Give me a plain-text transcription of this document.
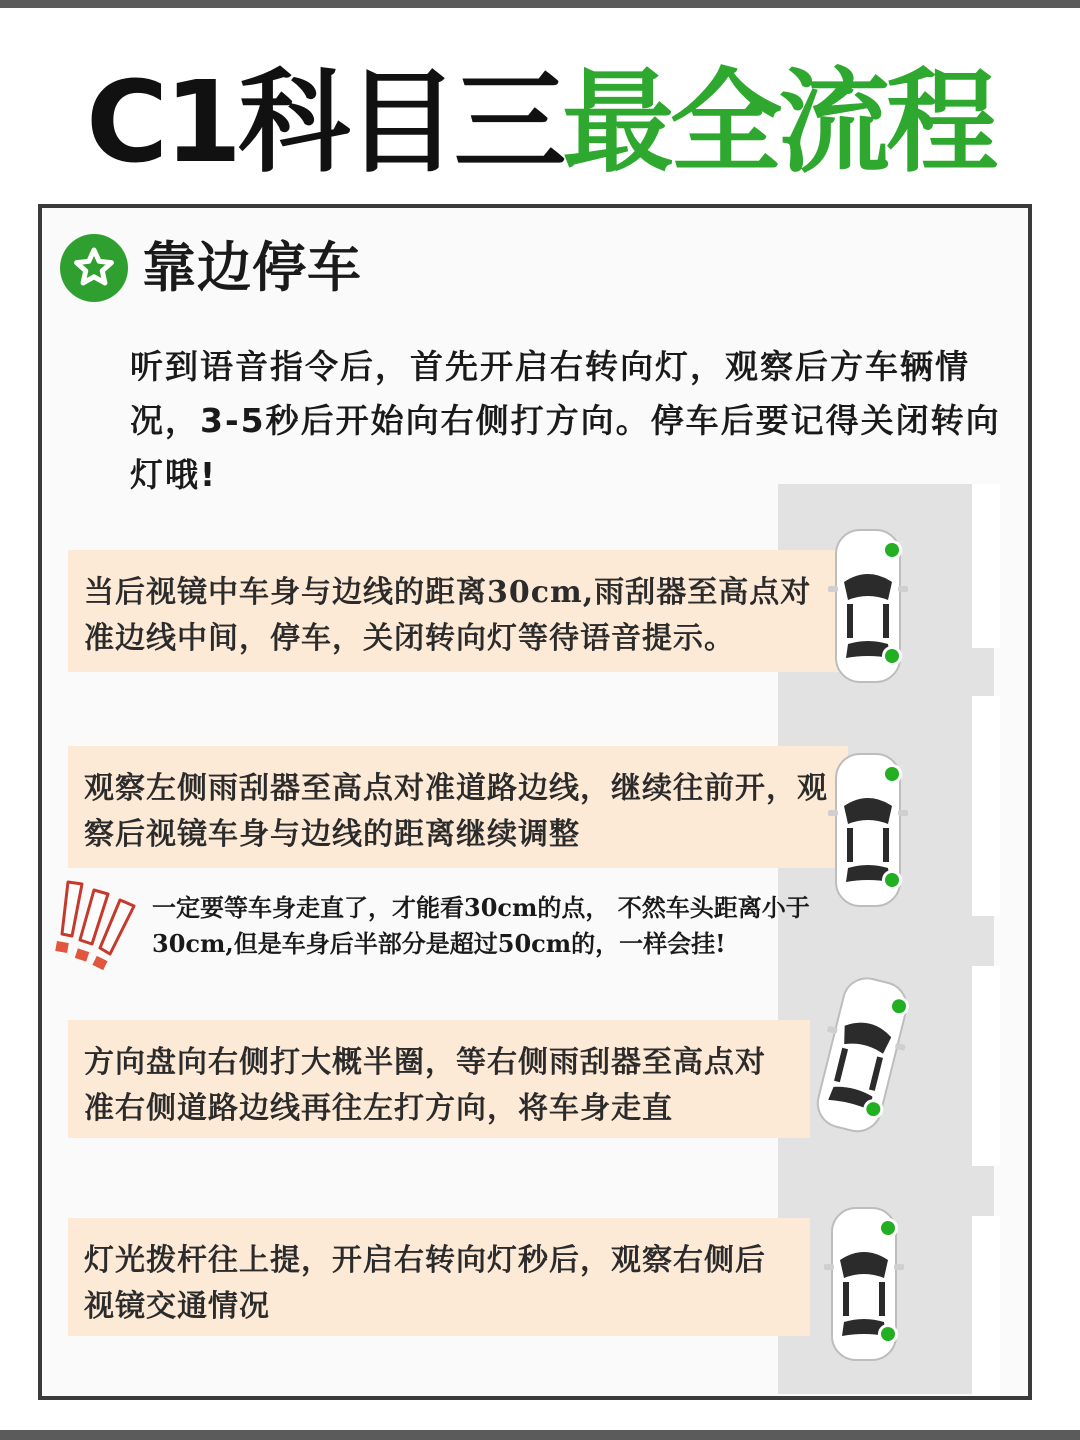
C1科目三最全流程
靠边停车
听到语音指令后，首先开启右转向灯，观察后方车辆情况，3-5秒后开始向右侧打方向。停车后要记得关闭转向灯哦!
当后视镜中车身与边线的距离30cm,雨刮器至高点对准边线中间，停车，关闭转向灯等待语音提示。
观察左侧雨刮器至高点对准道路边线，继续往前开，观察后视镜车身与边线的距离继续调整
一定要等车身走直了，才能看30cm的点， 不然车头距离小于30cm,但是车身后半部分是超过50cm的，一样会挂!
方向盘向右侧打大概半圈，等右侧雨刮器至高点对准右侧道路边线再往左打方向，将车身走直
灯光拨杆往上提，开启右转向灯秒后，观察右侧后视镜交通情况
